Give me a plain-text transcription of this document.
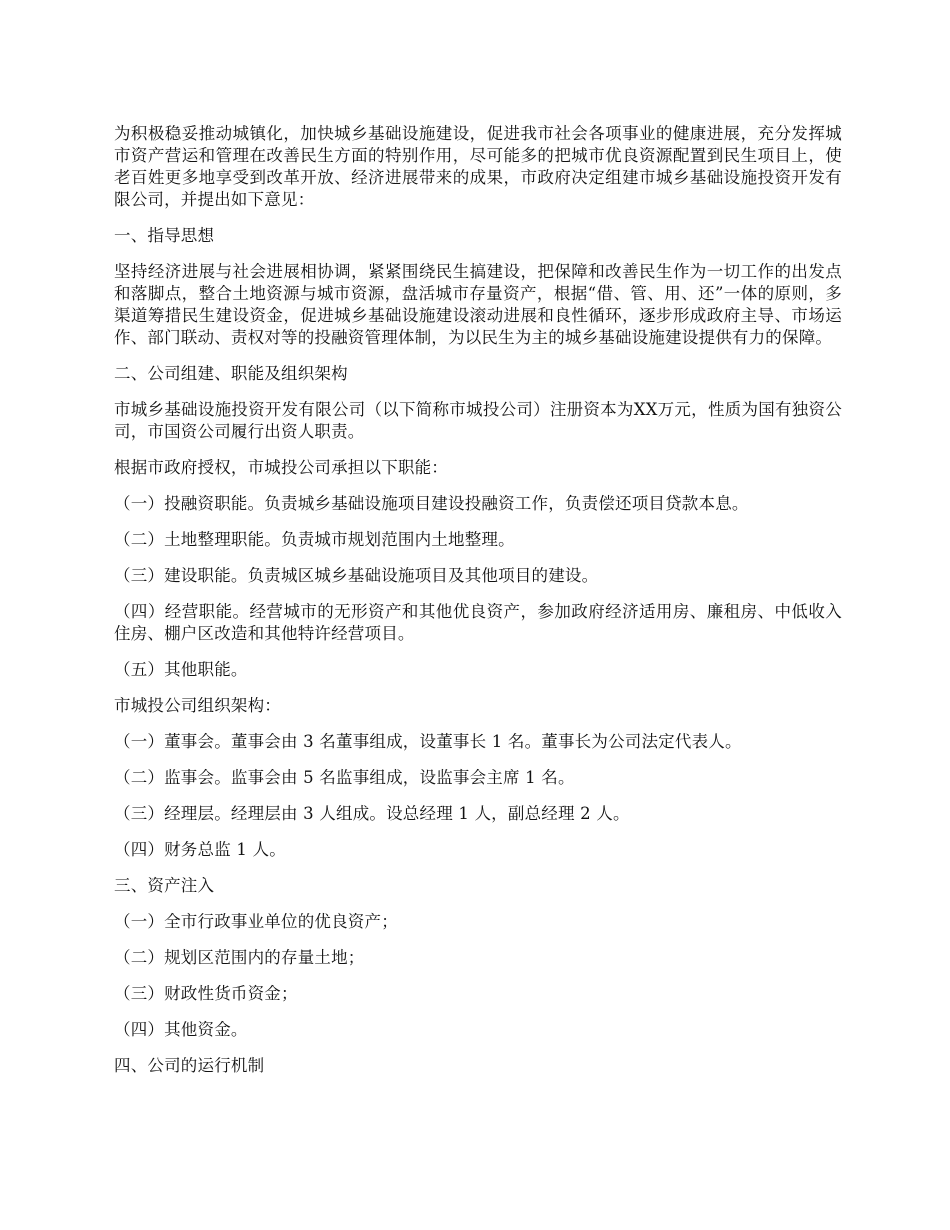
为积极稳妥推动城镇化，加快城乡基础设施建设，促进我市社会各项事业的健康进展，充分发挥城市资产营运和管理在改善民生方面的特别作用，尽可能多的把城市优良资源配置到民生项目上，使老百姓更多地享受到改革开放、经济进展带来的成果，市政府决定组建市城乡基础设施投资开发有限公司，并提出如下意见：

一、指导思想

坚持经济进展与社会进展相协调，紧紧围绕民生搞建设，把保障和改善民生作为一切工作的出发点和落脚点，整合土地资源与城市资源，盘活城市存量资产，根据“借、管、用、还”一体的原则，多渠道筹措民生建设资金，促进城乡基础设施建设滚动进展和良性循环，逐步形成政府主导、市场运作、部门联动、责权对等的投融资管理体制，为以民生为主的城乡基础设施建设提供有力的保障。

二、公司组建、职能及组织架构

市城乡基础设施投资开发有限公司（以下简称市城投公司）注册资本为XX万元，性质为国有独资公司，市国资公司履行出资人职责。

根据市政府授权，市城投公司承担以下职能：

（一）投融资职能。负责城乡基础设施项目建设投融资工作，负责偿还项目贷款本息。

（二）土地整理职能。负责城市规划范围内土地整理。

（三）建设职能。负责城区城乡基础设施项目及其他项目的建设。

（四）经营职能。经营城市的无形资产和其他优良资产，参加政府经济适用房、廉租房、中低收入住房、棚户区改造和其他特许经营项目。

（五）其他职能。

市城投公司组织架构：

（一）董事会。董事会由 3 名董事组成，设董事长 1 名。董事长为公司法定代表人。

（二）监事会。监事会由 5 名监事组成，设监事会主席 1 名。

（三）经理层。经理层由 3 人组成。设总经理 1 人，副总经理 2 人。

（四）财务总监 1 人。

三、资产注入

（一）全市行政事业单位的优良资产；

（二）规划区范围内的存量土地；

（三）财政性货币资金；

（四）其他资金。

四、公司的运行机制
